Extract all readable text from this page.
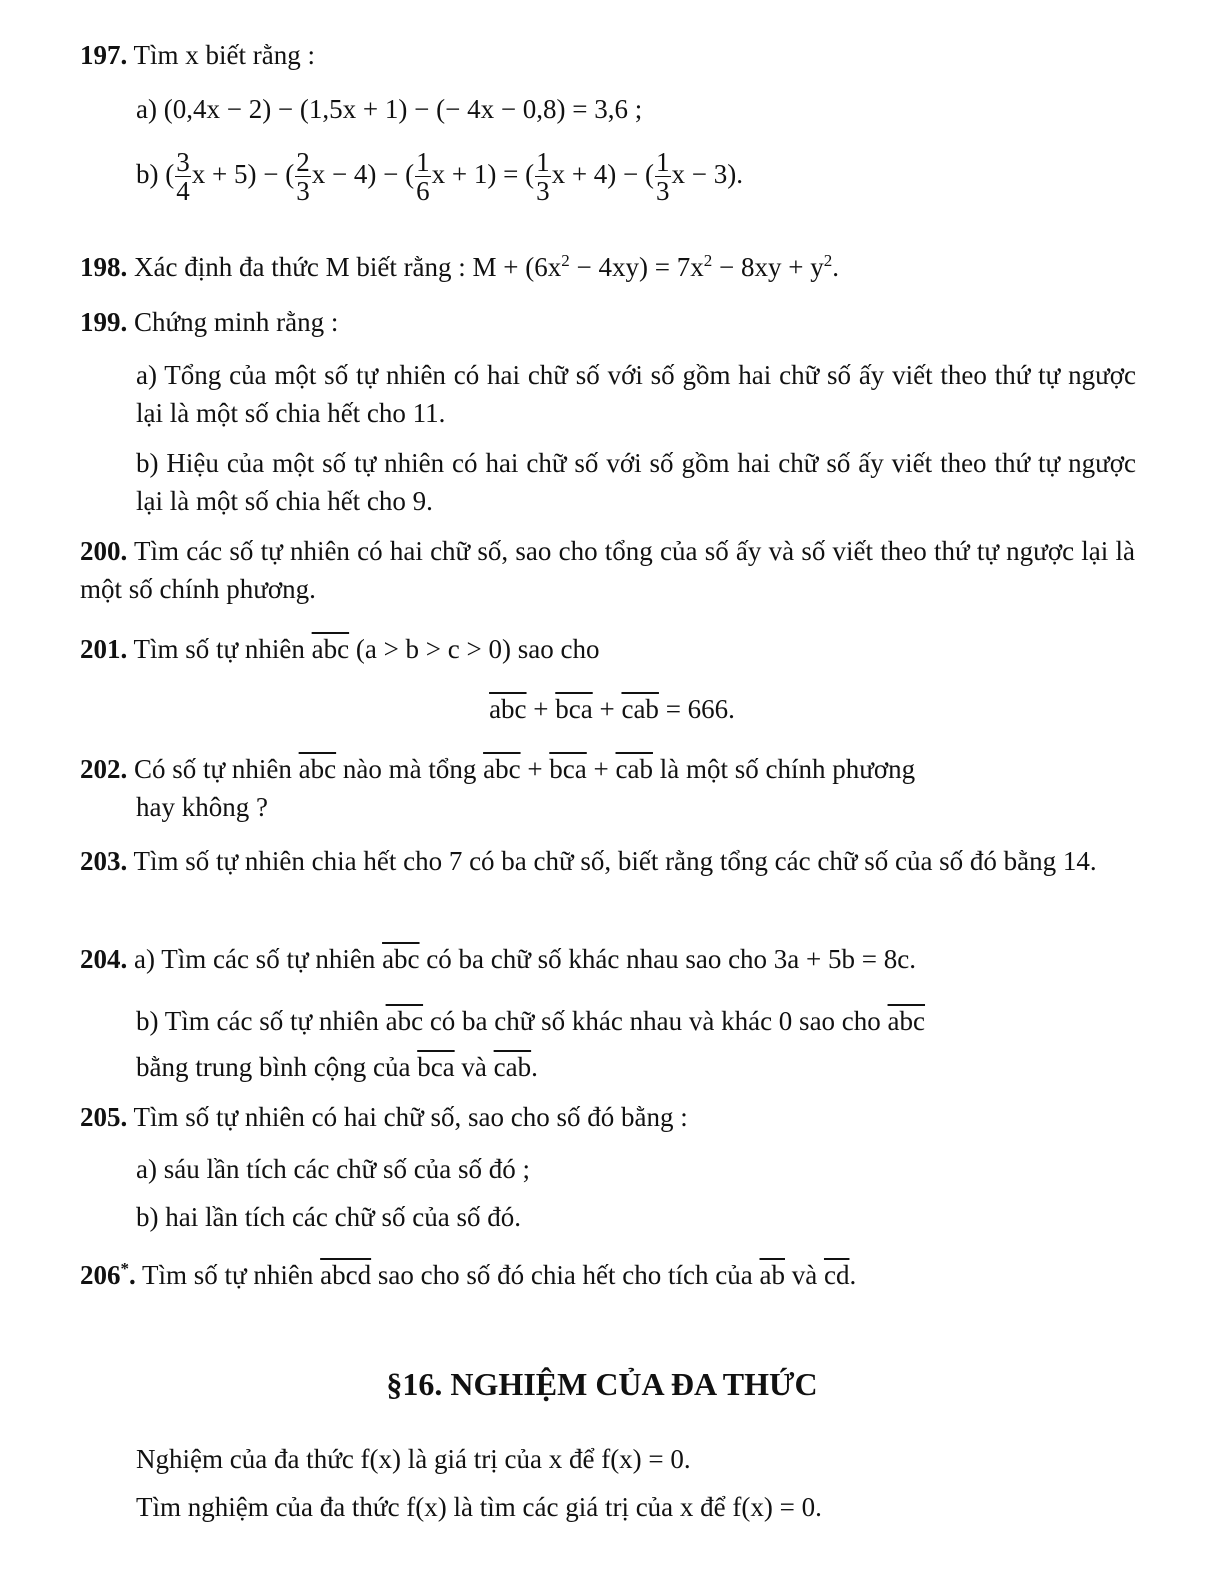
197. Tìm x biết rằng :
a) (0,4x − 2) − (1,5x + 1) − (− 4x − 0,8) = 3,6 ;
b) ( $\frac{3}{4}$ x + 5) − ( $\frac{2}{3}$ x − 4) − ( $\frac{1}{6}$ x + 1) = ( $\frac{1}{3}$ x + 4) − ( $\frac{1}{3}$ x − 3).
198. Xác định đa thức M biết rằng : $M + (6x^2 - 4xy) = 7x^2 - 8xy + y^2$.
199. Chứng minh rằng :
a) Tổng của một số tự nhiên có hai chữ số với số gồm hai chữ số ấy viết theo thứ tự ngược lại là một số chia hết cho 11.
b) Hiệu của một số tự nhiên có hai chữ số với số gồm hai chữ số ấy viết theo thứ tự ngược lại là một số chia hết cho 9.
200. Tìm các số tự nhiên có hai chữ số, sao cho tổng của số ấy và số viết theo thứ tự ngược lại là một số chính phương.
201. Tìm số tự nhiên $\overline{abc}$ (a > b > c > 0) sao cho
$\overline{abc} + \overline{bca} + \overline{cab} = 666$.
202. Có số tự nhiên $\overline{abc}$ nào mà tổng $\overline{abc} + \overline{bca} + \overline{cab}$ là một số chính phương
hay không ?
203. Tìm số tự nhiên chia hết cho 7 có ba chữ số, biết rằng tổng các chữ số của số đó bằng 14.
204. a) Tìm các số tự nhiên $\overline{abc}$ có ba chữ số khác nhau sao cho 3a + 5b = 8c.
b) Tìm các số tự nhiên $\overline{abc}$ có ba chữ số khác nhau và khác 0 sao cho $\overline{abc}$
bằng trung bình cộng của $\overline{bca}$ và $\overline{cab}$.
205. Tìm số tự nhiên có hai chữ số, sao cho số đó bằng :
a) sáu lần tích các chữ số của số đó ;
b) hai lần tích các chữ số của số đó.
206*. Tìm số tự nhiên abcd sao cho số đó chia hết cho tích của $\overline{ab}$ và $\overline{cd}$.
§16. NGHIỆM CỦA ĐA THỨC
Nghiệm của đa thức f(x) là giá trị của x để f(x) = 0.
Tìm nghiệm của đa thức f(x) là tìm các giá trị của x để f(x) = 0.
